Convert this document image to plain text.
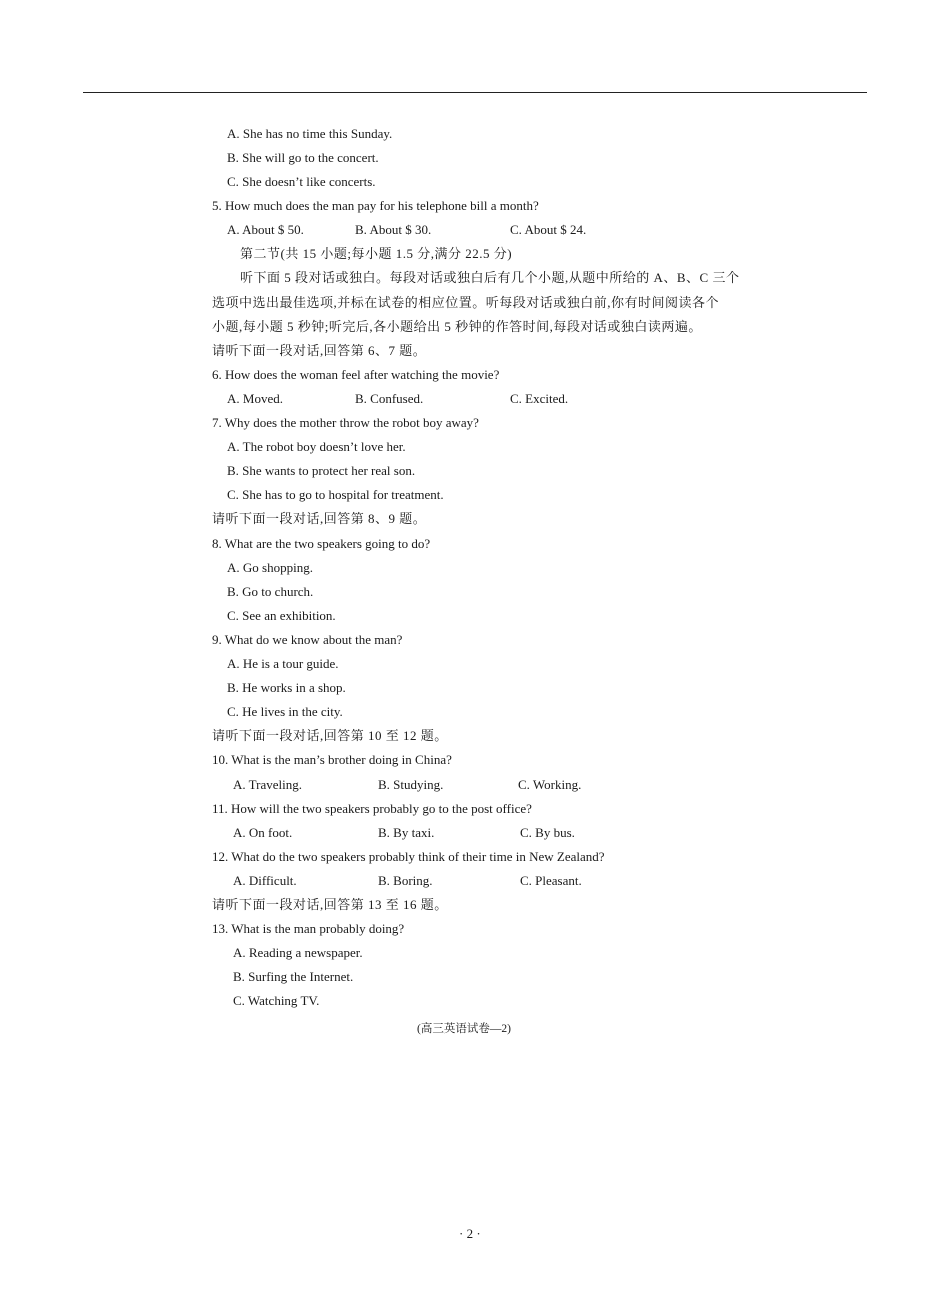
A. She has no time this Sunday.
B. She will go to the concert.
C. She doesn’t like concerts.
5. How much does the man pay for his telephone bill a month?
A. About $ 50.	B. About $ 30.	C. About $ 24.
第二节(共 15 小题;每小题 1.5 分,满分 22.5 分)
听下面 5 段对话或独白。每段对话或独白后有几个小题,从题中所给的 A、B、C 三个
选项中选出最佳选项,并标在试卷的相应位置。听每段对话或独白前,你有时间阅读各个
小题,每小题 5 秒钟;听完后,各小题给出 5 秒钟的作答时间,每段对话或独白读两遍。
请听下面一段对话,回答第 6、7 题。
6. How does the woman feel after watching the movie?
A. Moved.	B. Confused.	C. Excited.
7. Why does the mother throw the robot boy away?
A. The robot boy doesn’t love her.
B. She wants to protect her real son.
C. She has to go to hospital for treatment.
请听下面一段对话,回答第 8、9 题。
8. What are the two speakers going to do?
A. Go shopping.
B. Go to church.
C. See an exhibition.
9. What do we know about the man?
A. He is a tour guide.
B. He works in a shop.
C. He lives in the city.
请听下面一段对话,回答第 10 至 12 题。
10. What is the man’s brother doing in China?
A. Traveling.	B. Studying.	C. Working.
11. How will the two speakers probably go to the post office?
A. On foot.	B. By taxi.	C. By bus.
12. What do the two speakers probably think of their time in New Zealand?
A. Difficult.	B. Boring.	C. Pleasant.
请听下面一段对话,回答第 13 至 16 题。
13. What is the man probably doing?
A. Reading a newspaper.
B. Surfing the Internet.
C. Watching TV.
(高三英语试卷—2)
· 2 ·
